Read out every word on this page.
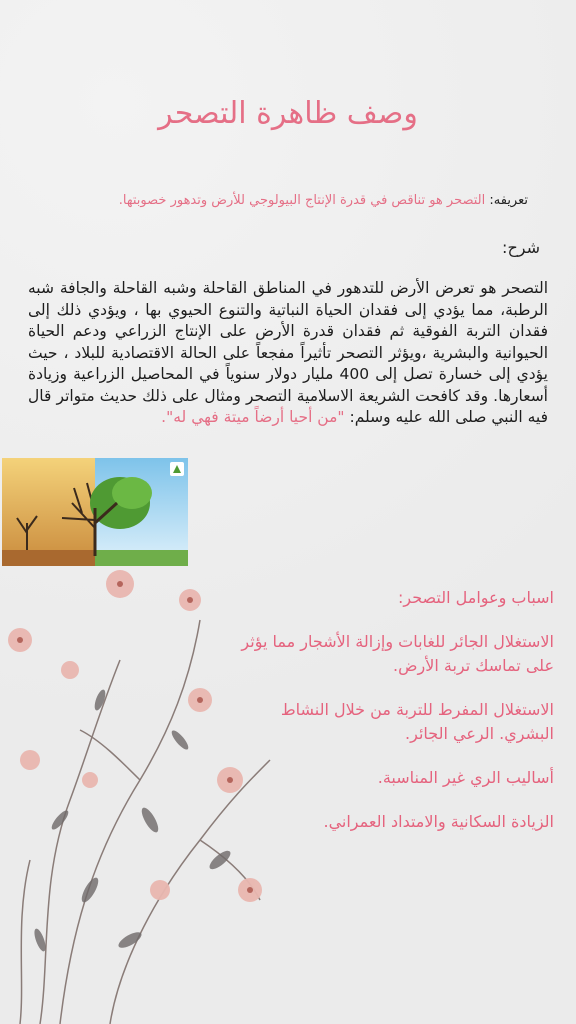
وصف ظاهرة التصحر
تعريفه: التصحر هو تناقص في قدرة الإنتاج البيولوجي للأرض وتدهور خصوبتها.
شرح:
التصحر هو تعرض الأرض للتدهور في المناطق القاحلة وشبه القاحلة والجافة شبه الرطبة، مما يؤدي إلى فقدان الحياة النباتية والتنوع الحيوي بها ، ويؤدي ذلك إلى فقدان التربة الفوقية ثم فقدان قدرة الأرض على الإنتاج الزراعي ودعم الحياة الحيوانية والبشرية ،ويؤثر التصحر تأثيراً مفجعاً على الحالة الاقتصادية للبلاد ، حيث يؤدي إلى خسارة تصل إلى 400 مليار دولار سنوياً في المحاصيل الزراعية وزيادة أسعارها. وقد كافحت الشريعة الاسلامية التصحر ومثال على ذلك حديث متواتر قال فيه النبي صلى الله عليه وسلم: "من أحيا أرضاً ميتة فهي له".
اسباب وعوامل التصحر:
الاستغلال الجائر للغابات وإزالة الأشجار مما يؤثر على تماسك تربة الأرض.
الاستغلال المفرط للتربة من خلال النشاط البشري. الرعي الجائر.
أساليب الري غير المناسبة.
الزيادة السكانية والامتداد العمراني.
